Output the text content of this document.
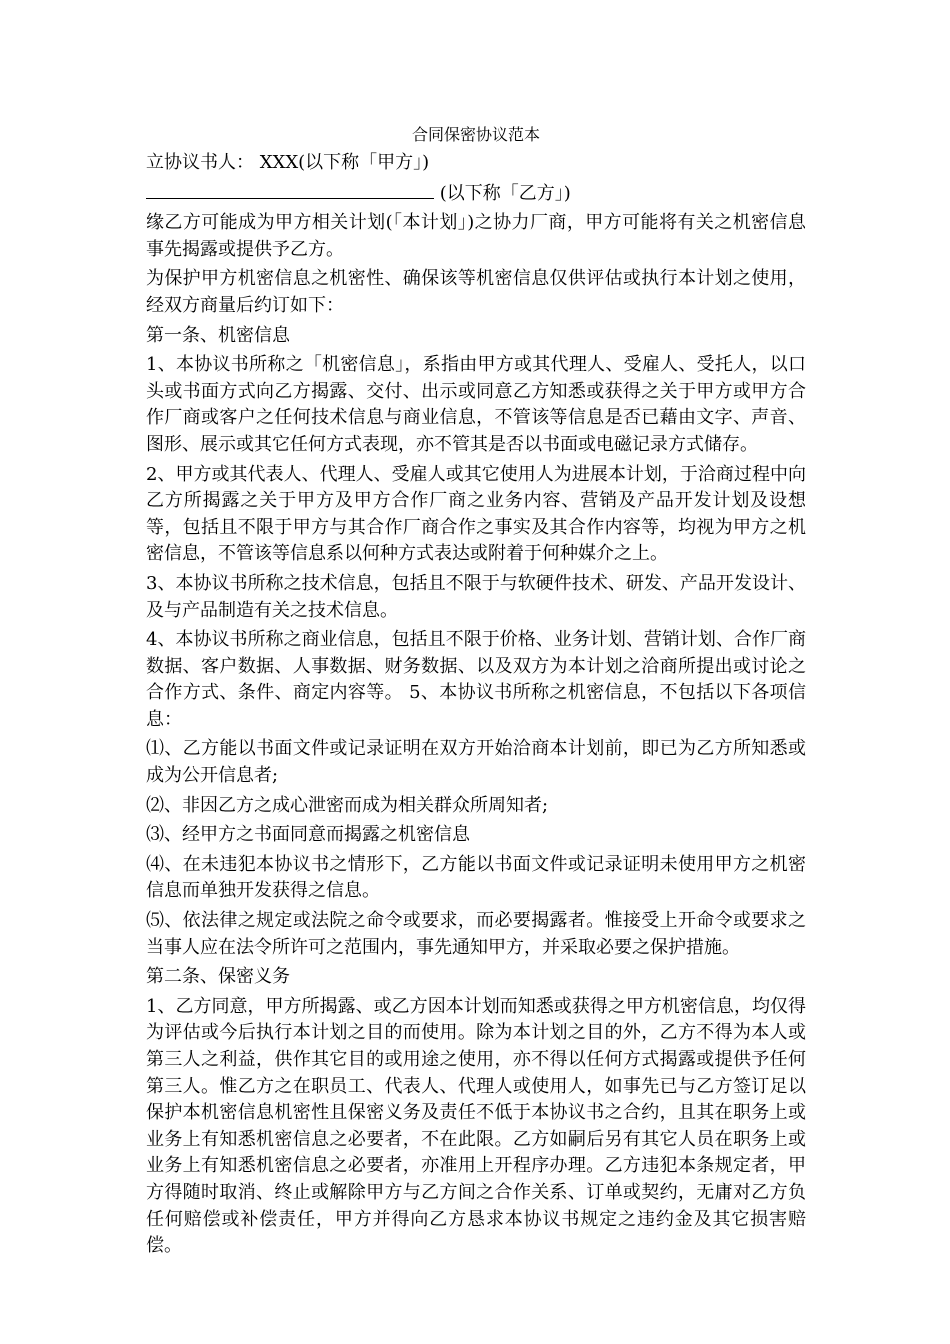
合同保密协议范本
立协议书人： XXX(以下称「甲方」)
(以下称「乙方」)
缘乙方可能成为甲方相关计划(「本计划」)之协力厂商，甲方可能将有关之机密信息事先揭露或提供予乙方。
为保护甲方机密信息之机密性、确保该等机密信息仅供评估或执行本计划之使用，经双方商量后约订如下：
第一条、机密信息
1、本协议书所称之「机密信息」，系指由甲方或其代理人、受雇人、受托人，以口头或书面方式向乙方揭露、交付、出示或同意乙方知悉或获得之关于甲方或甲方合作厂商或客户之任何技术信息与商业信息，不管该等信息是否已藉由文字、声音、图形、展示或其它任何方式表现，亦不管其是否以书面或电磁记录方式储存。
2、甲方或其代表人、代理人、受雇人或其它使用人为进展本计划，于洽商过程中向乙方所揭露之关于甲方及甲方合作厂商之业务内容、营销及产品开发计划及设想等，包括且不限于甲方与其合作厂商合作之事实及其合作内容等，均视为甲方之机密信息，不管该等信息系以何种方式表达或附着于何种媒介之上。
3、本协议书所称之技术信息，包括且不限于与软硬件技术、研发、产品开发设计、及与产品制造有关之技术信息。
4、本协议书所称之商业信息，包括且不限于价格、业务计划、营销计划、合作厂商数据、客户数据、人事数据、财务数据、以及双方为本计划之洽商所提出或讨论之合作方式、条件、商定内容等。 5、本协议书所称之机密信息，不包括以下各项信息：
⑴、乙方能以书面文件或记录证明在双方开始洽商本计划前，即已为乙方所知悉或成为公开信息者;
⑵、非因乙方之成心泄密而成为相关群众所周知者;
⑶、经甲方之书面同意而揭露之机密信息
⑷、在未违犯本协议书之情形下，乙方能以书面文件或记录证明未使用甲方之机密信息而单独开发获得之信息。
⑸、依法律之规定或法院之命令或要求，而必要揭露者。惟接受上开命令或要求之当事人应在法令所许可之范围内，事先通知甲方，并采取必要之保护措施。
第二条、保密义务
1、乙方同意，甲方所揭露、或乙方因本计划而知悉或获得之甲方机密信息，均仅得为评估或今后执行本计划之目的而使用。除为本计划之目的外，乙方不得为本人或第三人之利益，供作其它目的或用途之使用，亦不得以任何方式揭露或提供予任何第三人。惟乙方之在职员工、代表人、代理人或使用人，如事先已与乙方签订足以保护本机密信息机密性且保密义务及责任不低于本协议书之合约，且其在职务上或业务上有知悉机密信息之必要者，不在此限。乙方如嗣后另有其它人员在职务上或业务上有知悉机密信息之必要者，亦准用上开程序办理。乙方违犯本条规定者，甲方得随时取消、终止或解除甲方与乙方间之合作关系、订单或契约，无庸对乙方负任何赔偿或补偿责任，甲方并得向乙方恳求本协议书规定之违约金及其它损害赔偿。
